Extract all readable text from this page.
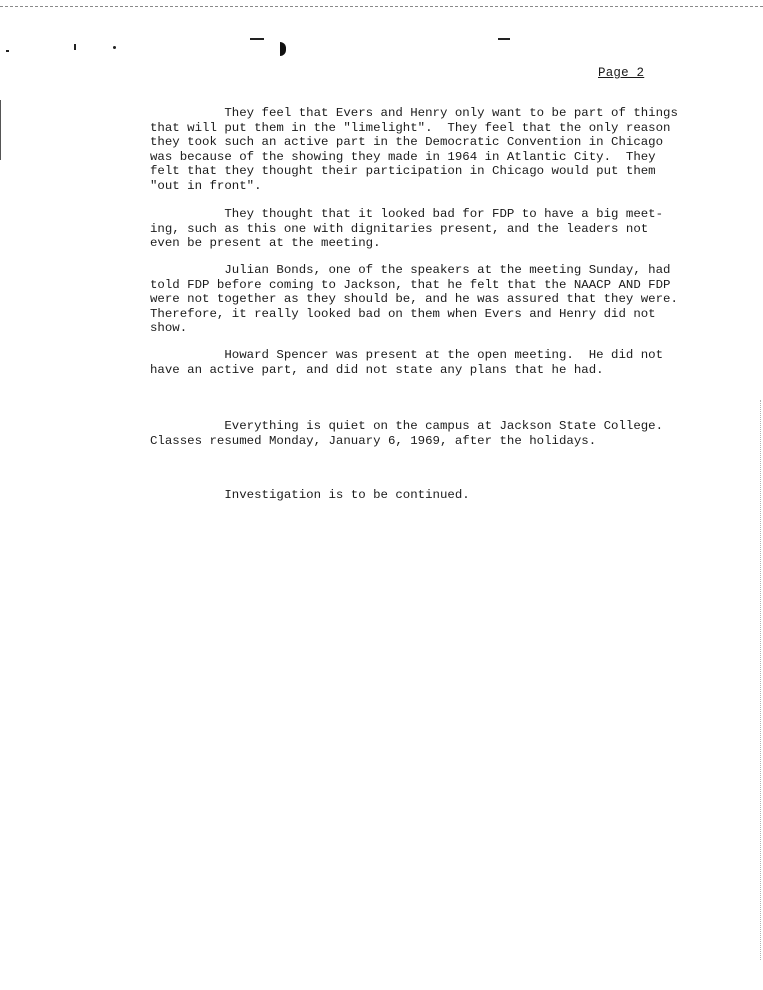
Page 2

They feel that Evers and Henry only want to be part of things
that will put them in the "limelight".  They feel that the only reason
they took such an active part in the Democratic Convention in Chicago
was because of the showing they made in 1964 in Atlantic City.  They
felt that they thought their participation in Chicago would put them
"out in front".

They thought that it looked bad for FDP to have a big meet-
ing, such as this one with dignitaries present, and the leaders not
even be present at the meeting.

Julian Bonds, one of the speakers at the meeting Sunday, had
told FDP before coming to Jackson, that he felt that the NAACP AND FDP
were not together as they should be, and he was assured that they were.
Therefore, it really looked bad on them when Evers and Henry did not
show.

Howard Spencer was present at the open meeting.  He did not
have an active part, and did not state any plans that he had.

Everything is quiet on the campus at Jackson State College.
Classes resumed Monday, January 6, 1969, after the holidays.

Investigation is to be continued.
